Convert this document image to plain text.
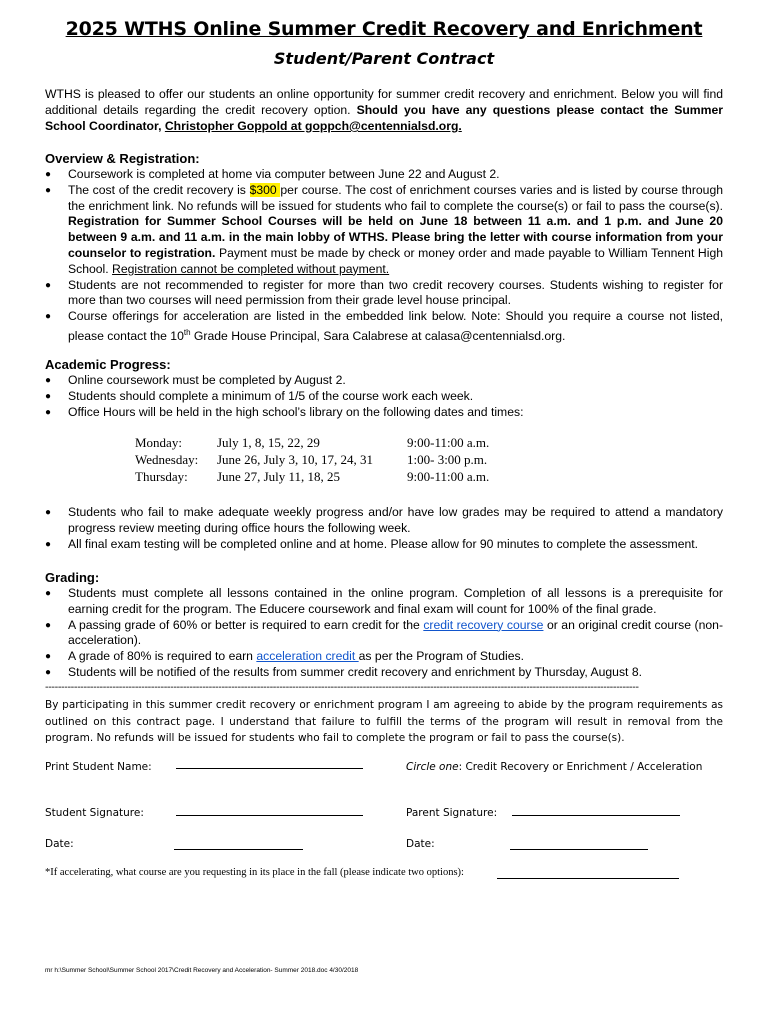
2025 WTHS Online Summer Credit Recovery and Enrichment
Student/Parent Contract
WTHS is pleased to offer our students an online opportunity for summer credit recovery and enrichment. Below you will find additional details regarding the credit recovery option. Should you have any questions please contact the Summer School Coordinator, Christopher Goppold at goppch@centennialsd.org.
Overview & Registration:
● Coursework is completed at home via computer between June 22 and August 2.
● The cost of the credit recovery is $300 per course. The cost of enrichment courses varies and is listed by course through the enrichment link. No refunds will be issued for students who fail to complete the course(s) or fail to pass the course(s). Registration for Summer School Courses will be held on June 18 between 11 a.m. and 1 p.m. and June 20 between 9 a.m. and 11 a.m. in the main lobby of WTHS. Please bring the letter with course information from your counselor to registration. Payment must be made by check or money order and made payable to William Tennent High School. Registration cannot be completed without payment.
● Students are not recommended to register for more than two credit recovery courses. Students wishing to register for more than two courses will need permission from their grade level house principal.
● Course offerings for acceleration are listed in the embedded link below. Note: Should you require a course not listed, please contact the 10th Grade House Principal, Sara Calabrese at calasa@centennialsd.org.
Academic Progress:
● Online coursework must be completed by August 2.
● Students should complete a minimum of 1/5 of the course work each week.
● Office Hours will be held in the high school’s library on the following dates and times:
Monday:	July 1, 8, 15, 22, 29	9:00-11:00 a.m.
Wednesday: June 26, July 3, 10, 17, 24, 31	1:00- 3:00 p.m.
Thursday: June 27, July 11, 18, 25	9:00-11:00 a.m.
● Students who fail to make adequate weekly progress and/or have low grades may be required to attend a mandatory progress review meeting during office hours the following week.
● All final exam testing will be completed online and at home. Please allow for 90 minutes to complete the assessment.
Grading:
● Students must complete all lessons contained in the online program. Completion of all lessons is a prerequisite for earning credit for the program. The Educere coursework and final exam will count for 100% of the final grade.
● A passing grade of 60% or better is required to earn credit for the credit recovery course or an original credit course (non-acceleration).
● A grade of 80% is required to earn acceleration credit as per the Program of Studies.
● Students will be notified of the results from summer credit recovery and enrichment by Thursday, August 8.
-----------------------------------------------------------------------------------------------------------------------------------------------------------------------------------------
By participating in this summer credit recovery or enrichment program I am agreeing to abide by the program requirements as outlined on this contract page. I understand that failure to fulfill the terms of the program will result in removal from the program. No refunds will be issued for students who fail to complete the program or fail to pass the course(s).
Print Student Name:	Circle one: Credit Recovery or Enrichment / Acceleration
Student Signature:	Parent Signature:
Date:	Date:
*If accelerating, what course are you requesting in its place in the fall (please indicate two options):
mr h:\Summer School\Summer School 2017\Credit Recovery and Acceleration- Summer 2018.doc 4/30/2018
